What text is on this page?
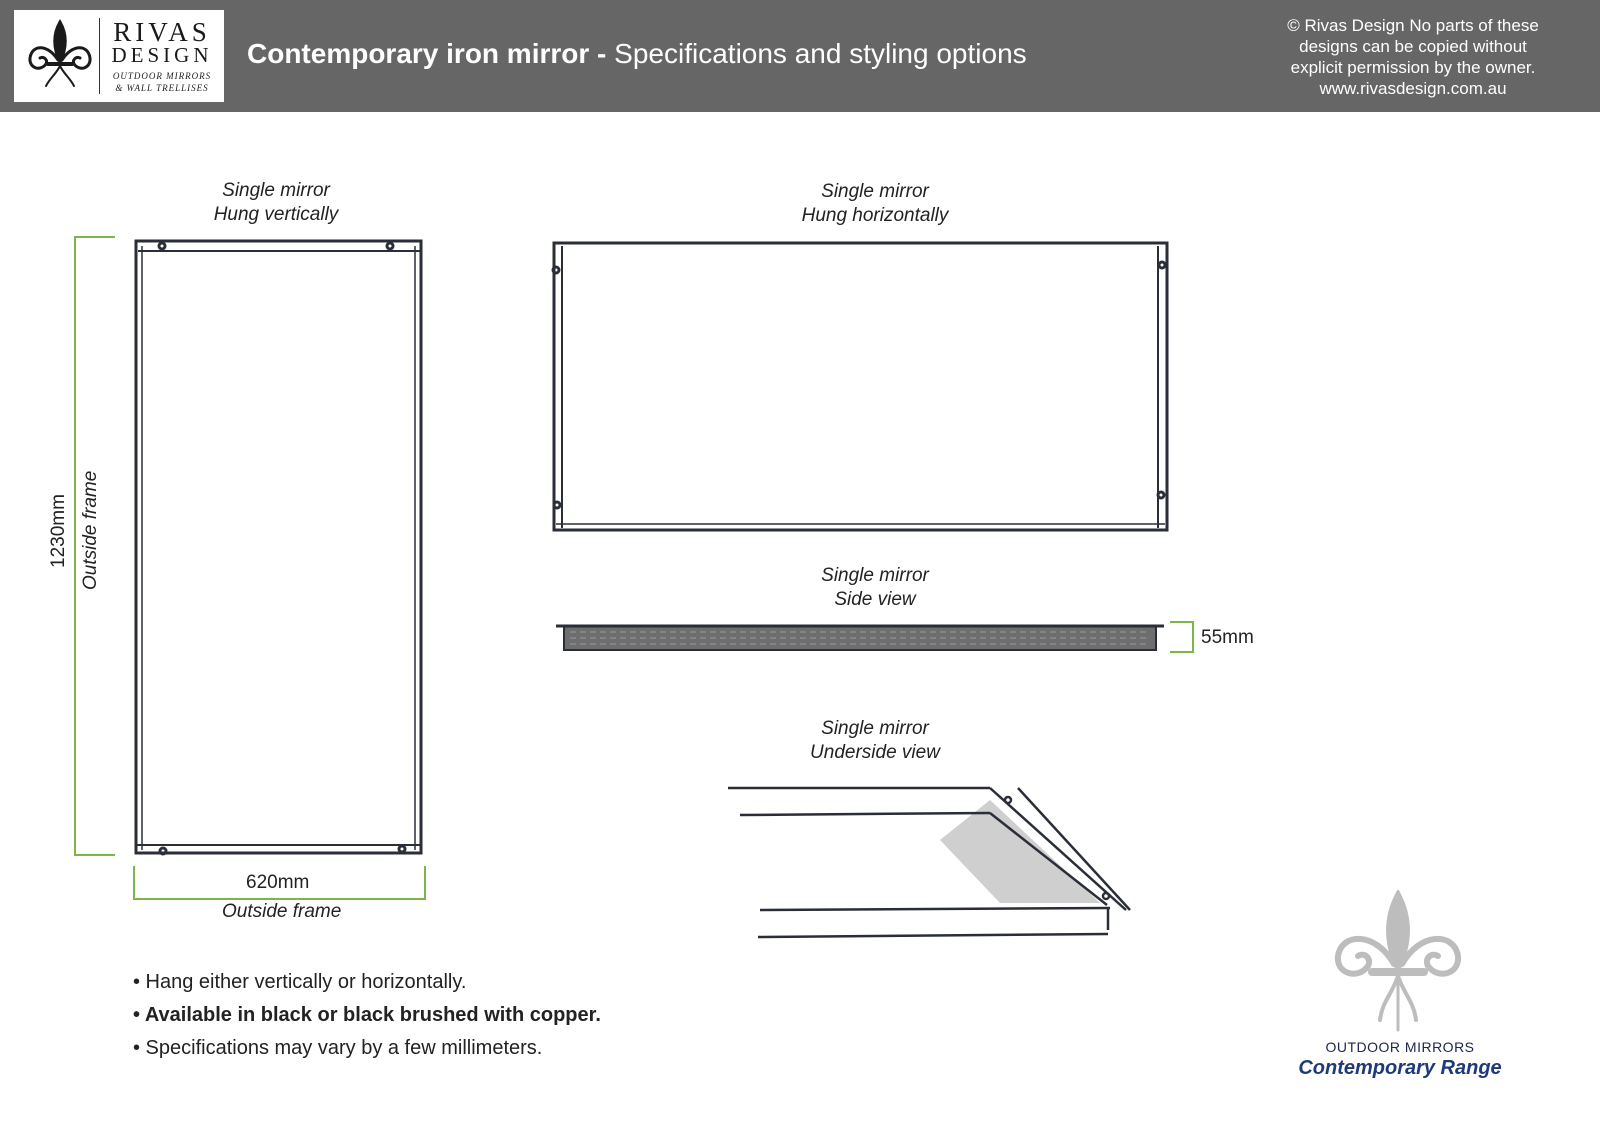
RIVAS
DESIGN
OUTDOOR MIRRORS
& WALL TRELLISES
Contemporary iron mirror - Specifications and styling options
© Rivas Design No parts of these
designs can be copied without
explicit permission by the owner.
www.rivasdesign.com.au
Single mirror
Hung vertically
Single mirror
Hung horizontally
Single mirror
Side view
Single mirror
Underside view
1230mm Outside frame
620mm
Outside frame
55mm
• Hang either vertically or horizontally.
• Available in black or black brushed with copper.
• Specifications may vary by a few millimeters.	OUTDOOR MIRRORS
Contemporary Range
